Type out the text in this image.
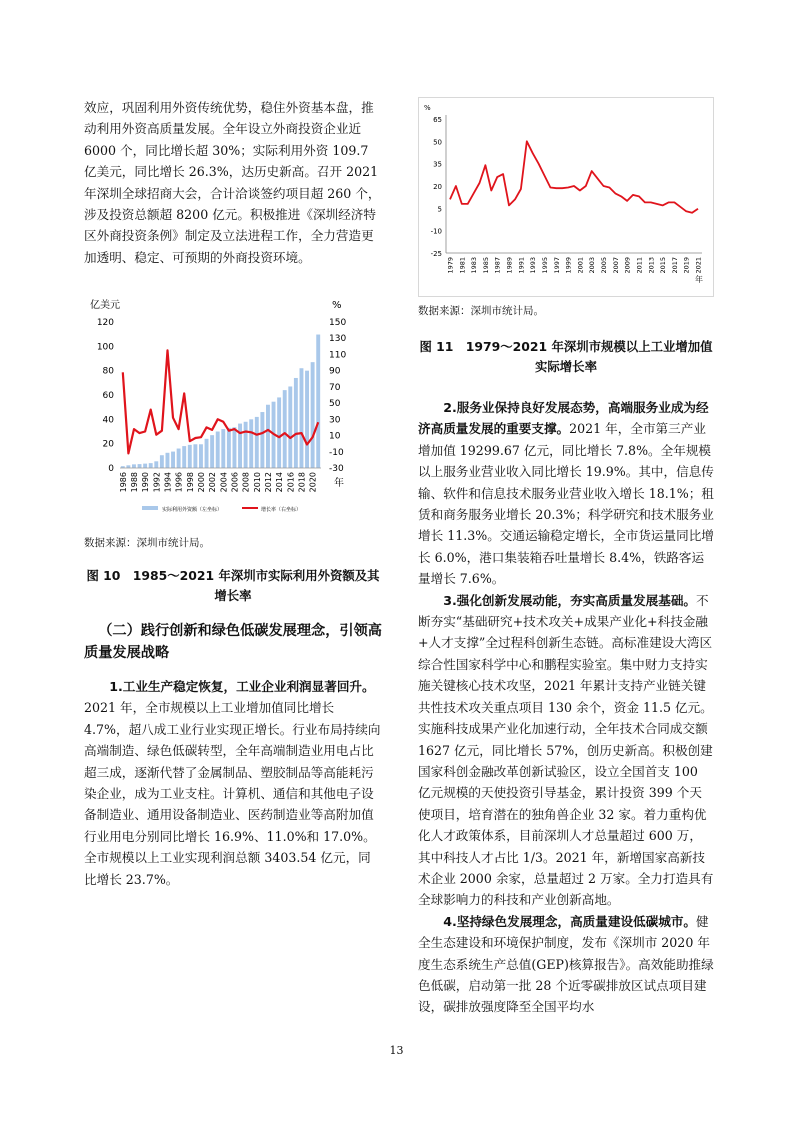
效应，巩固利用外资传统优势，稳住外资基本盘，推动利用外资高质量发展。全年设立外商投资企业近 6000 个，同比增长超 30%；实际利用外资 109.7 亿美元，同比增长 26.3%，达历史新高。召开 2021 年深圳全球招商大会，合计洽谈签约项目超 260 个，涉及投资总额超 8200 亿元。积极推进《深圳经济特区外商投资条例》制定及立法进程工作，全力营造更加透明、稳定、可预期的外商投资环境。

亿美元	%
年
0
20
40
60
80
100
120
-30
-10
10
30
50
70
90
110
130
150
1986 1988 1990 1992 1994 1996 1998 2000 2002 2004 2006 2008 2010 2012 2014 2016 2018 2020
实际利用外资额（左坐标）	增长率（右坐标）

数据来源：深圳市统计局。

图 10　1985～2021 年深圳市实际利用外资额及其增长率

（二）践行创新和绿色低碳发展理念，引领高质量发展战略

1.工业生产稳定恢复，工业企业利润显著回升。2021 年，全市规模以上工业增加值同比增长 4.7%，超八成工业行业实现正增长。行业布局持续向高端制造、绿色低碳转型，全年高端制造业用电占比超三成，逐渐代替了金属制品、塑胶制品等高能耗污染企业，成为工业支柱。计算机、通信和其他电子设备制造业、通用设备制造业、医药制造业等高附加值行业用电分别同比增长 16.9%、11.0%和 17.0%。全市规模以上工业实现利润总额 3403.54 亿元，同比增长 23.7%。

%
年
65
50
35
20
5
-10
-25
1979 1981 1983 1985 1987 1989 1991 1993 1995 1997 1999 2001 2003 2005 2007 2009 2011 2013 2015 2017 2019 2021

数据来源：深圳市统计局。

图 11　1979～2021 年深圳市规模以上工业增加值实际增长率

2.服务业保持良好发展态势，高端服务业成为经济高质量发展的重要支撑。2021 年，全市第三产业增加值 19299.67 亿元，同比增长 7.8%。全年规模以上服务业营业收入同比增长 19.9%。其中，信息传输、软件和信息技术服务业营业收入增长 18.1%；租赁和商务服务业增长 20.3%；科学研究和技术服务业增长 11.3%。交通运输稳定增长，全市货运量同比增长 6.0%，港口集装箱吞吐量增长 8.4%，铁路客运量增长 7.6%。

3.强化创新发展动能，夯实高质量发展基础。不断夯实“基础研究+技术攻关+成果产业化+科技金融+人才支撑”全过程科创新生态链。高标准建设大湾区综合性国家科学中心和鹏程实验室。集中财力支持实施关键核心技术攻坚，2021 年累计支持产业链关键共性技术攻关重点项目 130 余个，资金 11.5 亿元。实施科技成果产业化加速行动，全年技术合同成交额 1627 亿元，同比增长 57%，创历史新高。积极创建国家科创金融改革创新试验区，设立全国首支 100 亿元规模的天使投资引导基金，累计投资 399 个天使项目，培育潜在的独角兽企业 32 家。着力重构优化人才政策体系，目前深圳人才总量超过 600 万，其中科技人才占比 1/3。2021 年，新增国家高新技术企业 2000 余家，总量超过 2 万家。全力打造具有全球影响力的科技和产业创新高地。

4.坚持绿色发展理念，高质量建设低碳城市。健全生态建设和环境保护制度，发布《深圳市 2020 年度生态系统生产总值(GEP)核算报告》。高效能助推绿色低碳，启动第一批 28 个近零碳排放区试点项目建设，碳排放强度降至全国平均水

13
